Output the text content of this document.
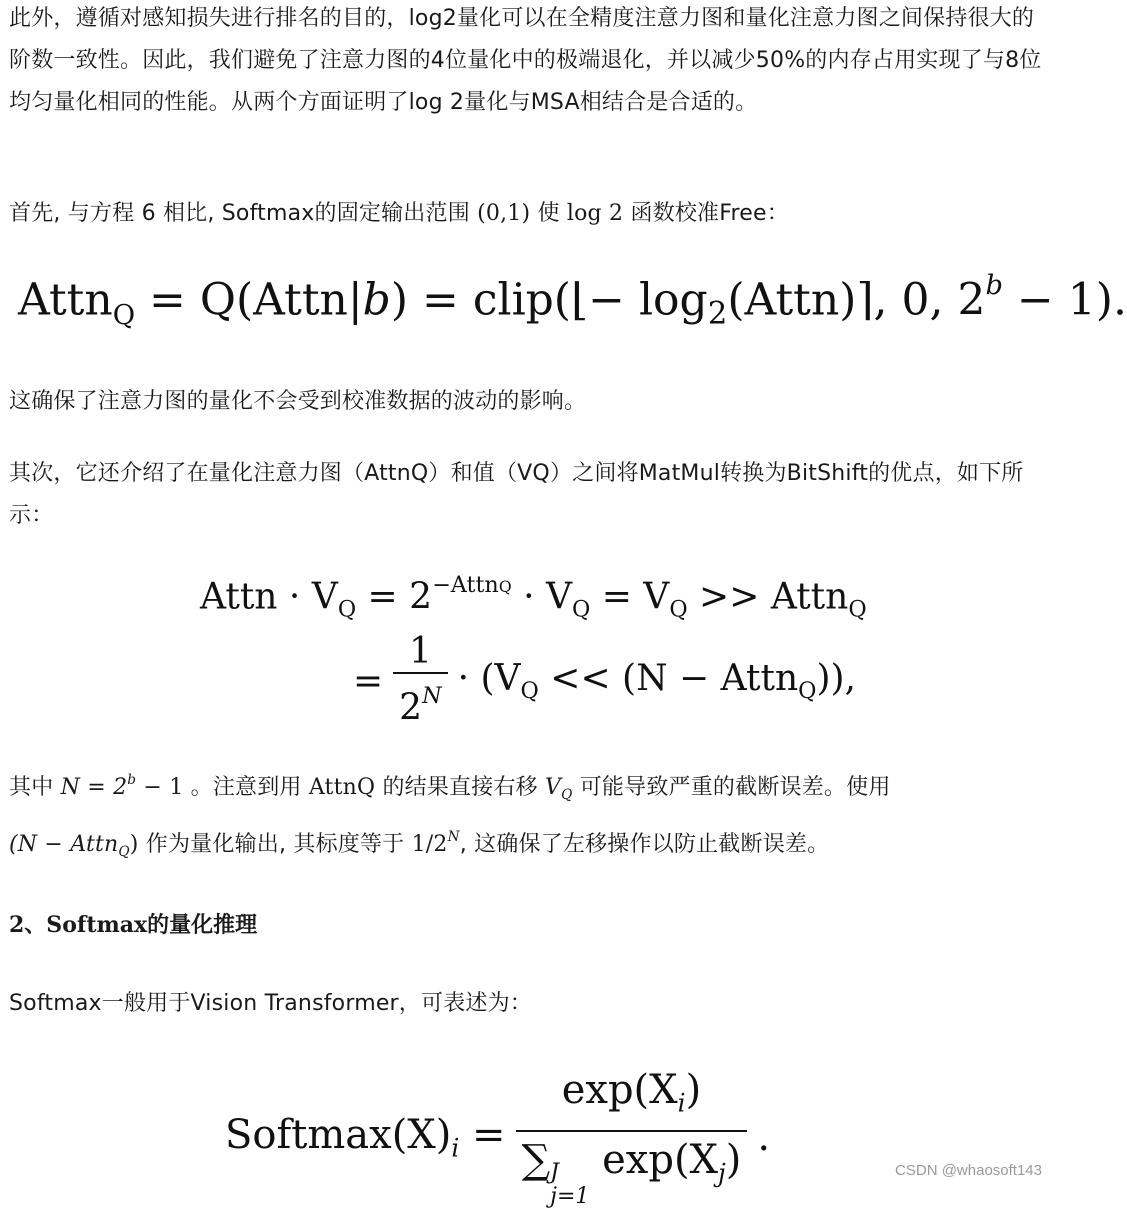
此外，遵循对感知损失进行排名的目的，log2量化可以在全精度注意力图和量化注意力图之间保持很大的阶数一致性。因此，我们避免了注意力图的4位量化中的极端退化，并以减少50%的内存占用实现了与8位均匀量化相同的性能。从两个方面证明了log 2量化与MSA相结合是合适的。
首先, 与方程 6 相比, Softmax的固定输出范围 (0,1) 使 log 2 函数校准Free：
Attn$_Q$ = Q(Attn|b) = clip(⌊− $\log_2(Attn)⌉$, 0, $2^b - 1$).
这确保了注意力图的量化不会受到校准数据的波动的影响。
其次，它还介绍了在量化注意力图（AttnQ）和值（VQ）之间将MatMul转换为BitShift的优点，如下所示：
Attn · $V_Q = 2^{-AttnQ} \cdot V_Q = V_Q$ >> Attn$_Q$
= $\frac{1}{2^N} \cdot (V_Q << (N$ − Attn$_Q$)),
其中 $N = 2^b - 1$ 。注意到用 AttnQ 的结果直接右移 $V_Q$ 可能导致严重的截断误差。使用
(N − Attn$_Q$) 作为量化输出, 其标度等于 $1/2^N$, 这确保了左移操作以防止截断误差。
2、Softmax的量化推理
Softmax一般用于Vision Transformer，可表述为：
$Softmax(X)_i = \exp(X_i)$
∑ J
j=1
$\exp(X_j)$ .
CSDN @whaosoft143
